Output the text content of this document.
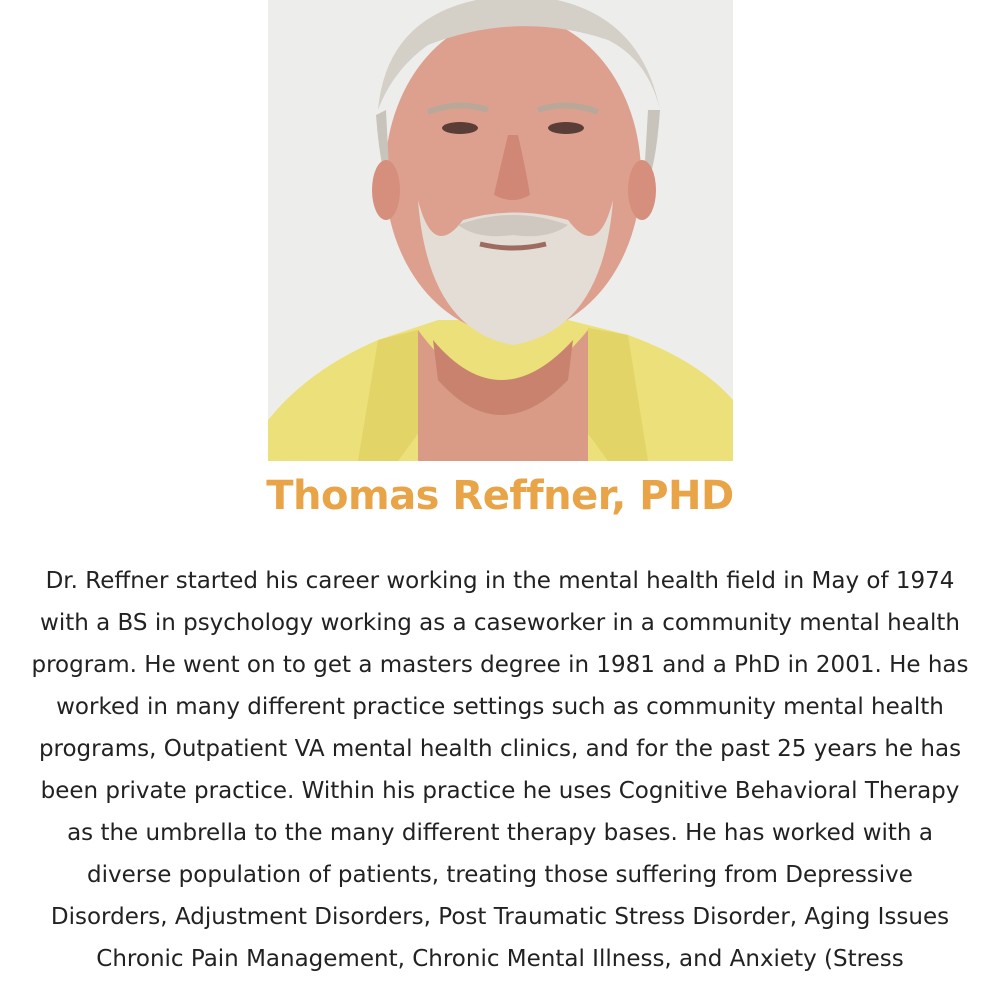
Thomas Reffner, PHD

Dr. Reffner started his career working in the mental health field in May of 1974 with a BS in psychology working as a caseworker in a community mental health program. He went on to get a masters degree in 1981 and a PhD in 2001. He has worked in many different practice settings such as community mental health programs, Outpatient VA mental health clinics, and for the past 25 years he has been private practice. Within his practice he uses Cognitive Behavioral Therapy as the umbrella to the many different therapy bases. He has worked with a diverse population of patients, treating those suffering from Depressive Disorders, Adjustment Disorders, Post Traumatic Stress Disorder, Aging Issues Chronic Pain Management, Chronic Mental Illness, and Anxiety (Stress
